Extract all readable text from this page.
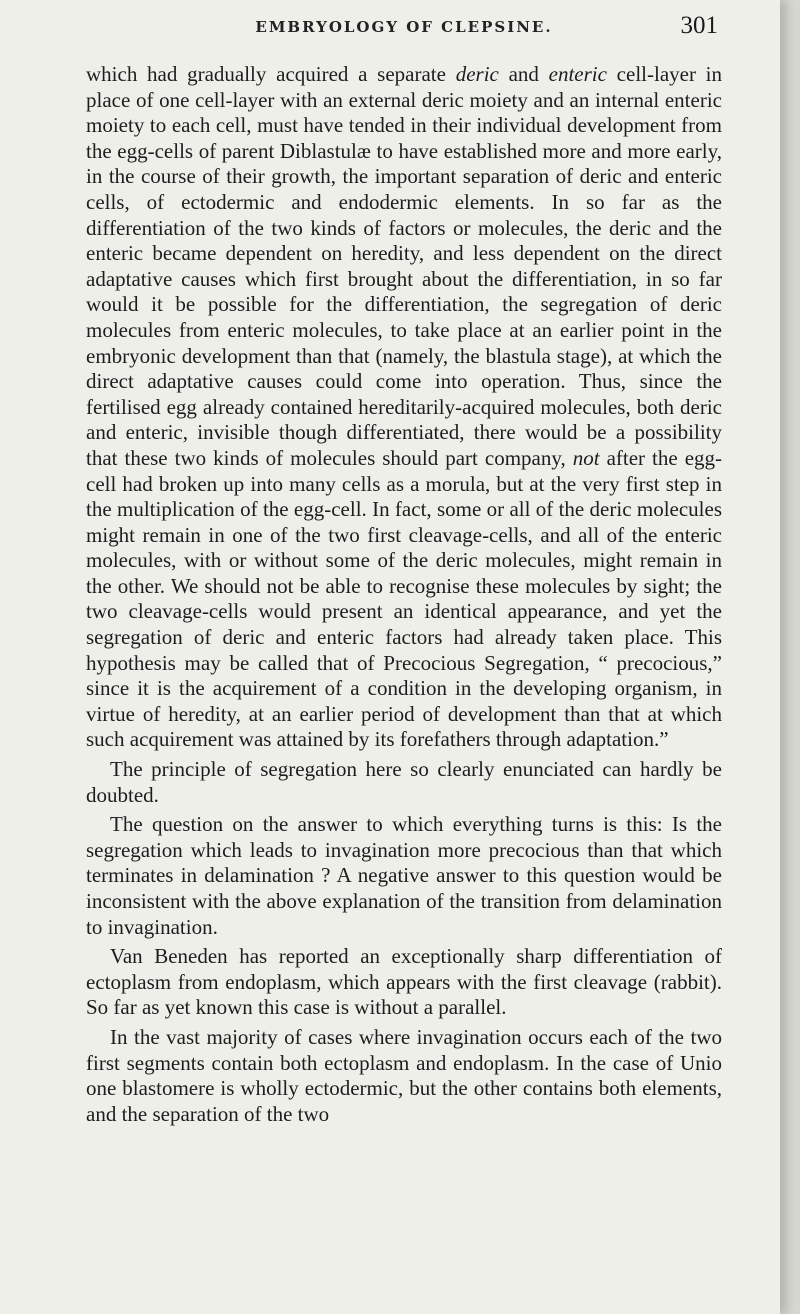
EMBRYOLOGY OF CLEPSINE.	301

which had gradually acquired a separate deric and enteric cell-layer in place of one cell-layer with an external deric moiety and an internal enteric moiety to each cell, must have tended in their individual development from the egg-cells of parent Diblastulæ to have established more and more early, in the course of their growth, the important separation of deric and enteric cells, of ectodermic and endodermic elements. In so far as the differentiation of the two kinds of factors or molecules, the deric and the enteric became dependent on heredity, and less dependent on the direct adaptative causes which first brought about the differentiation, in so far would it be possible for the differentiation, the segregation of deric molecules from enteric molecules, to take place at an earlier point in the embryonic development than that (namely, the blastula stage), at which the direct adaptative causes could come into operation. Thus, since the fertilised egg already contained hereditarily-acquired molecules, both deric and enteric, invisible though differentiated, there would be a possibility that these two kinds of molecules should part company, not after the egg-cell had broken up into many cells as a morula, but at the very first step in the multiplication of the egg-cell. In fact, some or all of the deric molecules might remain in one of the two first cleavage-cells, and all of the enteric molecules, with or without some of the deric molecules, might remain in the other. We should not be able to recognise these molecules by sight; the two cleavage-cells would present an identical appearance, and yet the segregation of deric and enteric factors had already taken place. This hypothesis may be called that of Precocious Segregation, “ precocious,” since it is the acquirement of a condition in the developing organism, in virtue of heredity, at an earlier period of development than that at which such acquirement was attained by its forefathers through adaptation.”

The principle of segregation here so clearly enunciated can hardly be doubted.

The question on the answer to which everything turns is this: Is the segregation which leads to invagination more precocious than that which terminates in delamination ? A negative answer to this question would be inconsistent with the above explanation of the transition from delamination to invagination.

Van Beneden has reported an exceptionally sharp differentiation of ectoplasm from endoplasm, which appears with the first cleavage (rabbit). So far as yet known this case is without a parallel.

In the vast majority of cases where invagination occurs each of the two first segments contain both ectoplasm and endoplasm. In the case of Unio one blastomere is wholly ectodermic, but the other contains both elements, and the separation of the two
